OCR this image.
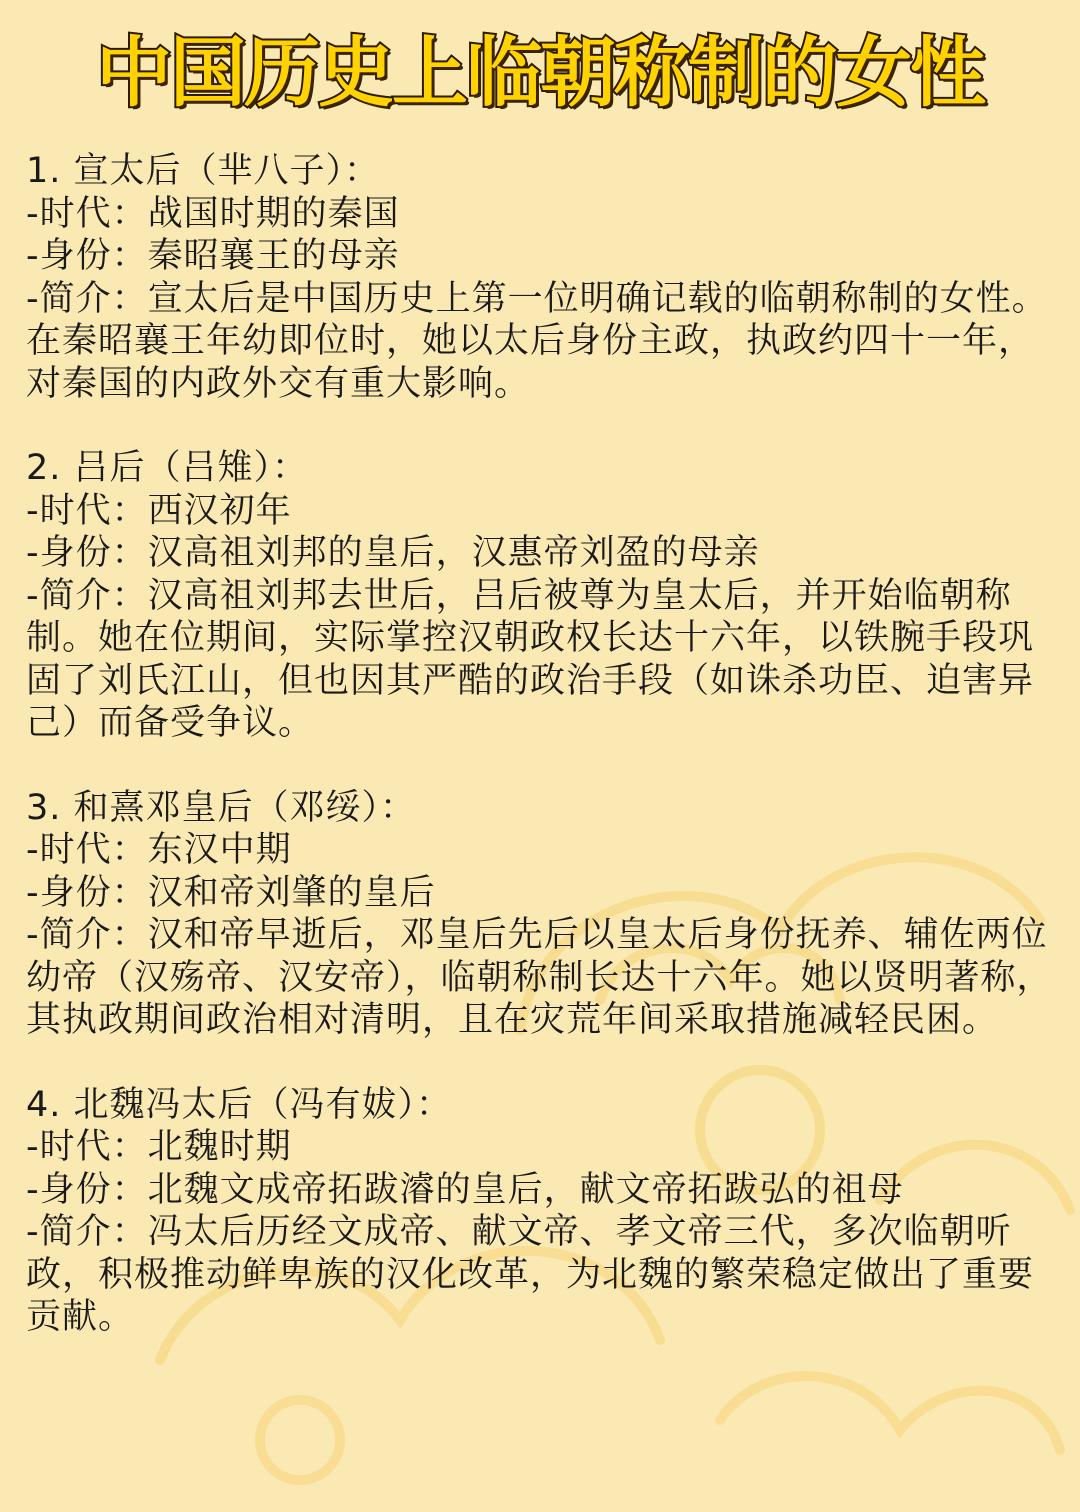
中国历史上临朝称制的女性
1. 宣太后（芈八子）：
-时代：战国时期的秦国
-身份：秦昭襄王的母亲
-简介：宣太后是中国历史上第一位明确记载的临朝称制的女性。在秦昭襄王年幼即位时，她以太后身份主政，执政约四十一年，对秦国的内政外交有重大影响。
2. 吕后（吕雉）：
-时代：西汉初年
-身份：汉高祖刘邦的皇后，汉惠帝刘盈的母亲
-简介：汉高祖刘邦去世后，吕后被尊为皇太后，并开始临朝称制。她在位期间，实际掌控汉朝政权长达十六年，以铁腕手段巩固了刘氏江山，但也因其严酷的政治手段（如诛杀功臣、迫害异己）而备受争议。
3. 和熹邓皇后（邓绥）：
-时代：东汉中期
-身份：汉和帝刘肇的皇后
-简介：汉和帝早逝后，邓皇后先后以皇太后身份抚养、辅佐两位幼帝（汉殇帝、汉安帝），临朝称制长达十六年。她以贤明著称，其执政期间政治相对清明，且在灾荒年间采取措施减轻民困。
4. 北魏冯太后（冯有妭）：
-时代：北魏时期
-身份：北魏文成帝拓跋濬的皇后，献文帝拓跋弘的祖母
-简介：冯太后历经文成帝、献文帝、孝文帝三代，多次临朝听政，积极推动鲜卑族的汉化改革，为北魏的繁荣稳定做出了重要贡献。
